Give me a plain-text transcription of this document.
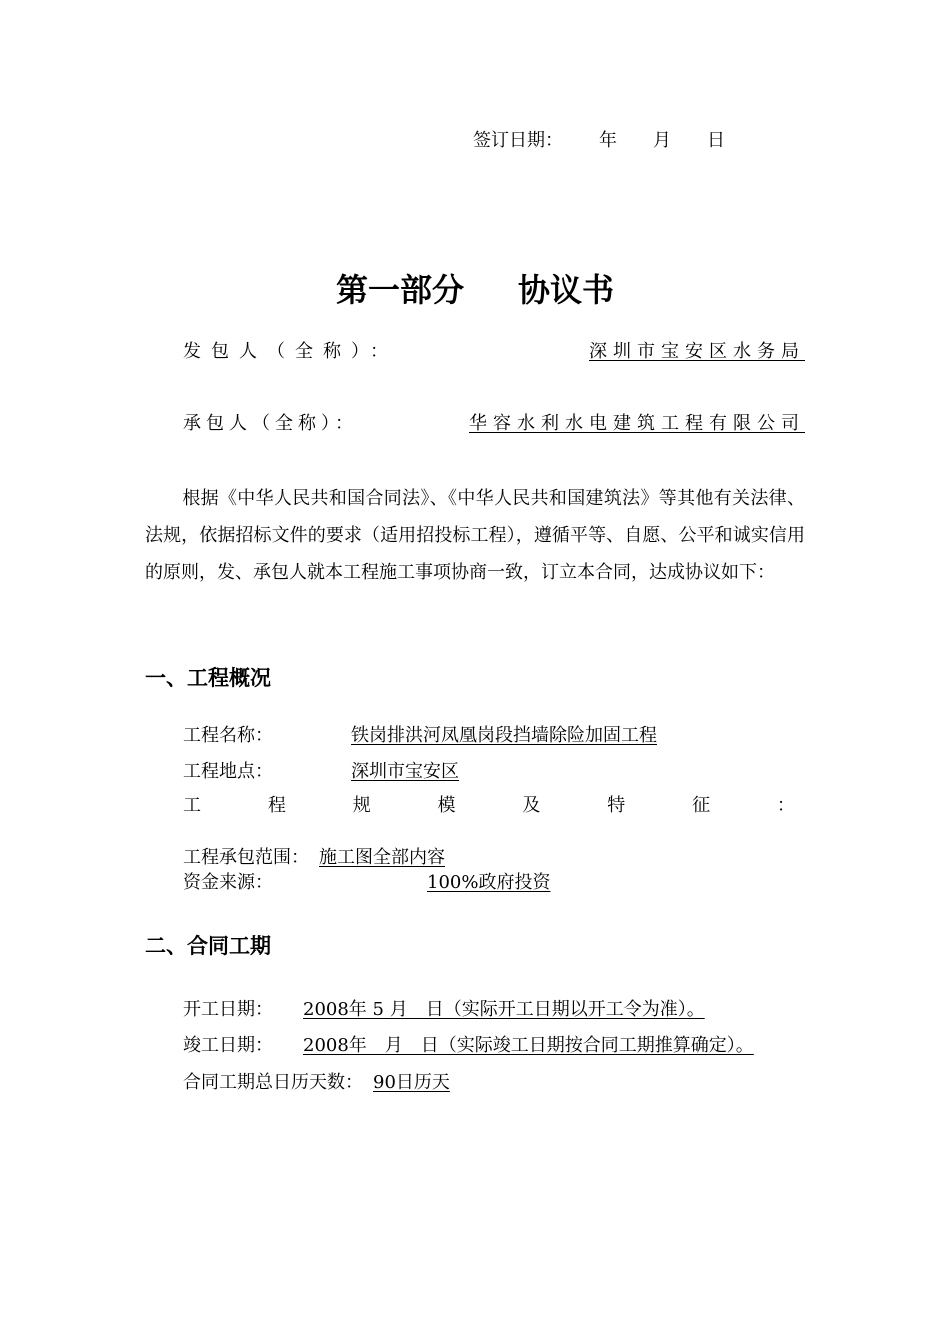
签订日期： 年 月 日
第一部分 协议书
发包人（全称）：	深圳市宝安区水务局
承包人（全称）：	华容水利水电建筑工程有限公司
根据《中华人民共和国合同法》、《中华人民共和国建筑法》等其他有关法律、法规，依据招标文件的要求（适用招投标工程），遵循平等、自愿、公平和诚实信用的原则，发、承包人就本工程施工事项协商一致，订立本合同，达成协议如下：
一、工程概况
工程名称：	铁岗排洪河凤凰岗段挡墙除险加固工程
工程地点：	深圳市宝安区
工	程	规	模	及	特	征	：
工程承包范围： 施工图全部内容
资金来源：	100%政府投资
二、合同工期
开工日期： 2008年 5 月　日（实际开工日期以开工令为准）。
竣工日期： 2008年　月　日（实际竣工日期按合同工期推算确定）。
合同工期总日历天数： 90日历天
